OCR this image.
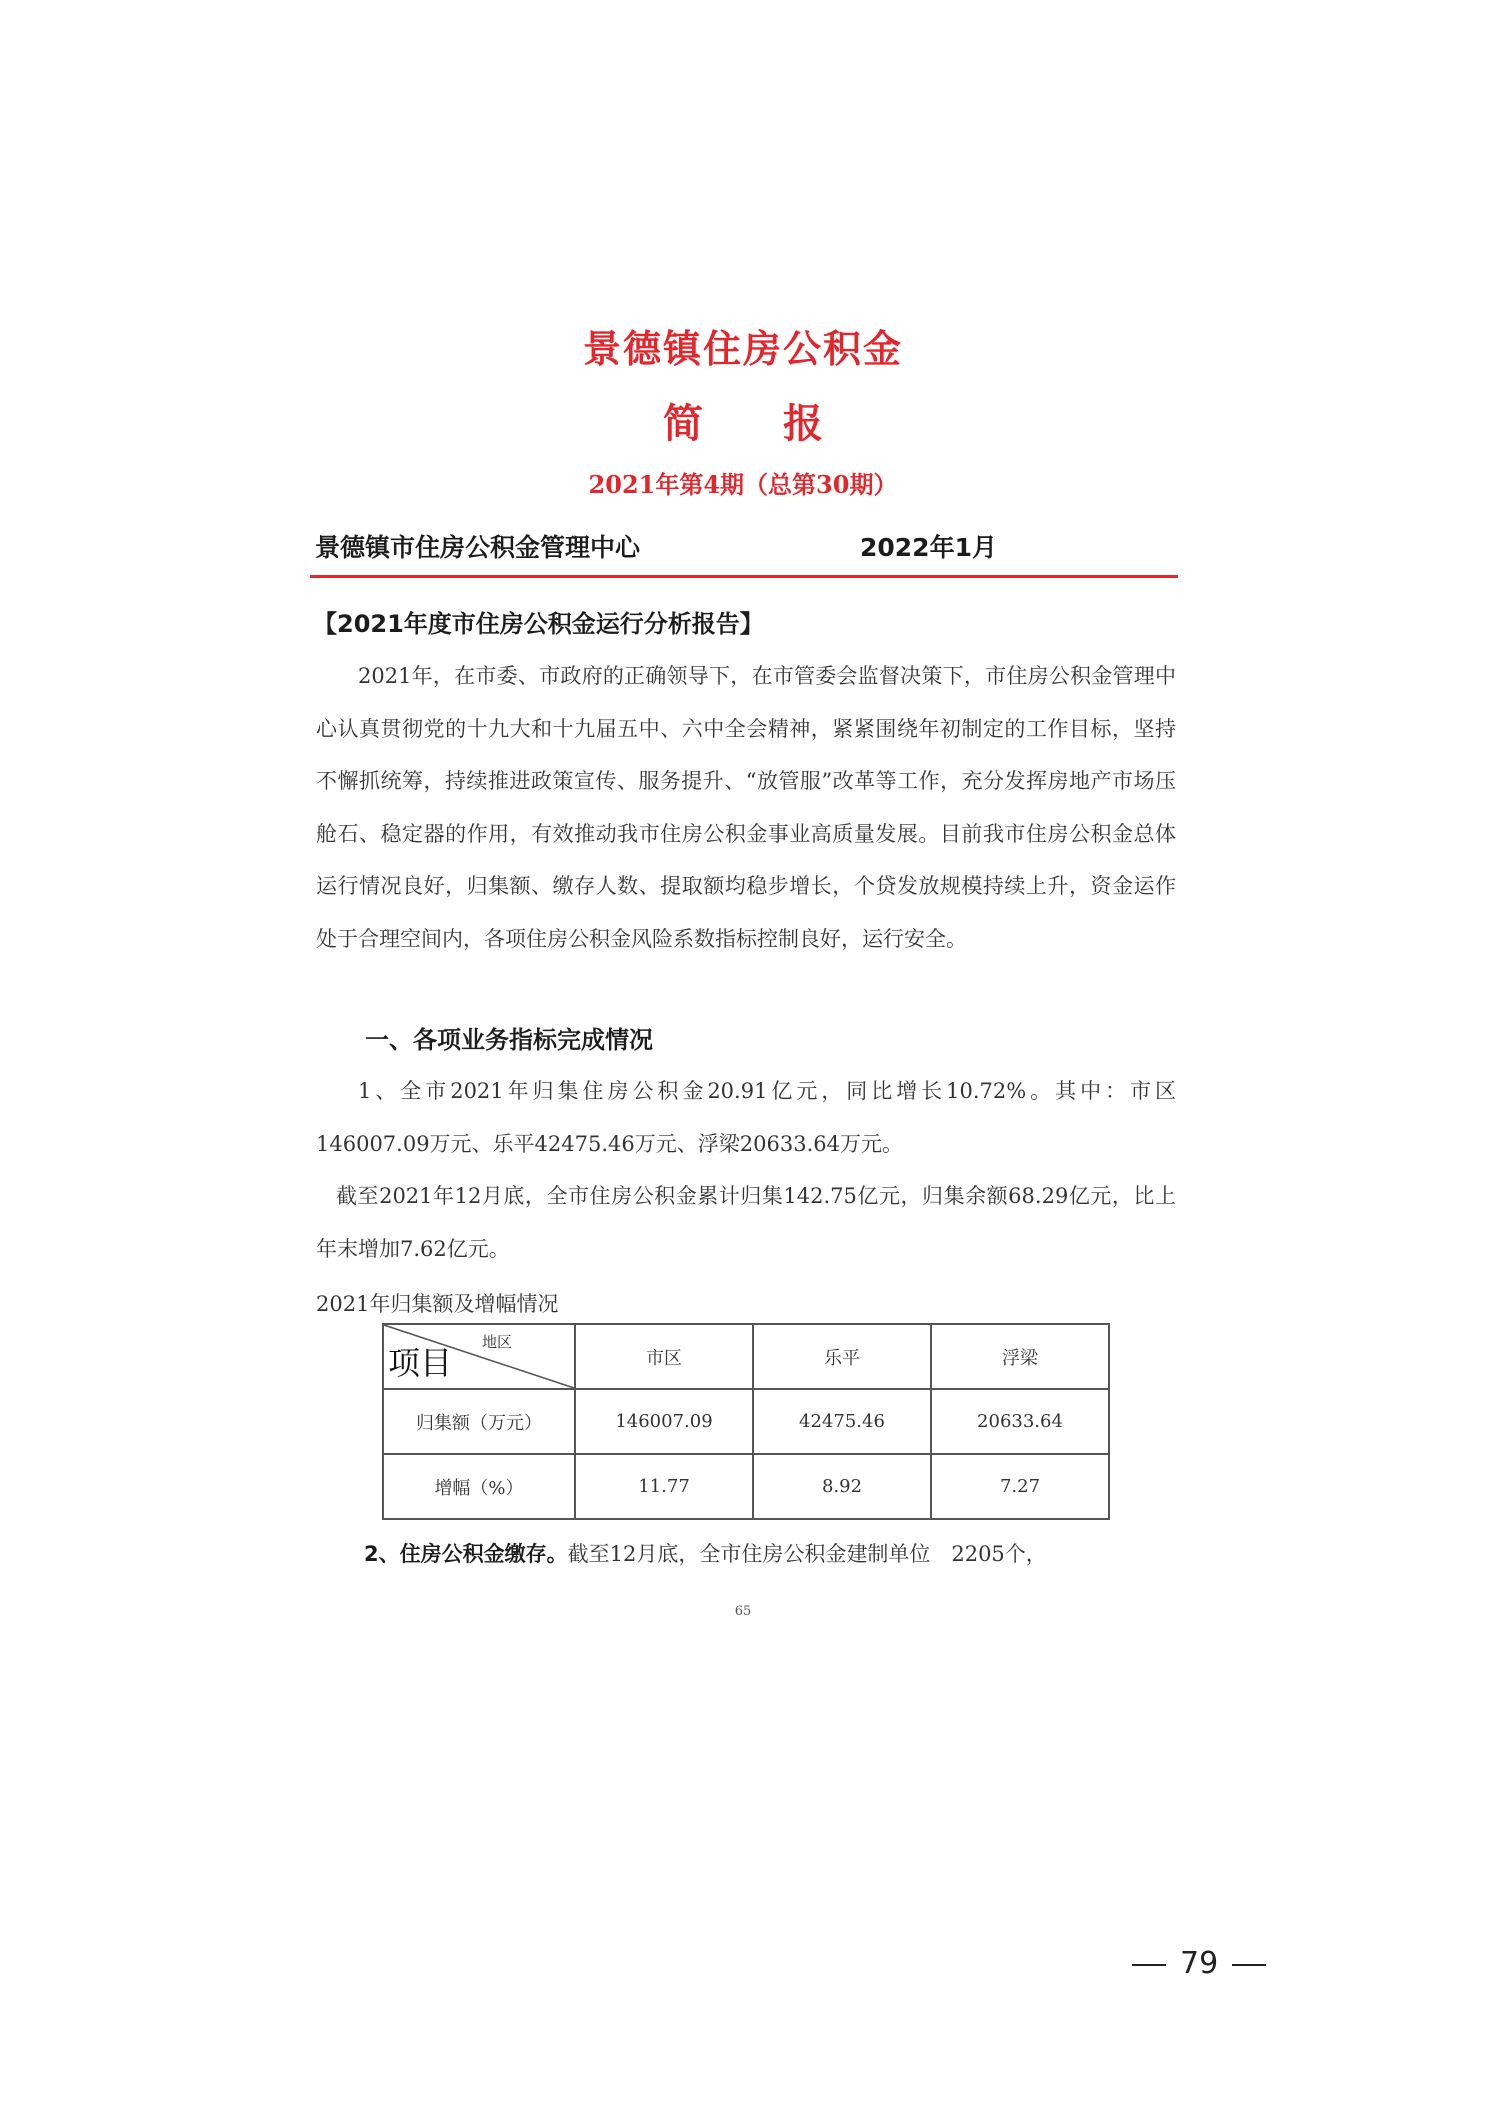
景德镇住房公积金
简 报
2021年第4期（总第30期）
景德镇市住房公积金管理中心	2022年1月
【2021年度市住房公积金运行分析报告】
2021年，在市委、市政府的正确领导下，在市管委会监督决策下，市住房公积金管理中心认真贯彻党的十九大和十九届五中、六中全会精神，紧紧围绕年初制定的工作目标，坚持不懈抓统筹，持续推进政策宣传、服务提升、“放管服”改革等工作，充分发挥房地产市场压舱石、稳定器的作用，有效推动我市住房公积金事业高质量发展。目前我市住房公积金总体运行情况良好，归集额、缴存人数、提取额均稳步增长，个贷发放规模持续上升，资金运作处于合理空间内，各项住房公积金风险系数指标控制良好，运行安全。
一、各项业务指标完成情况
1、全市2021年归集住房公积金20.91亿元，同比增长10.72%。其中：市区146007.09万元、乐平42475.46万元、浮梁20633.64万元。
截至2021年12月底，全市住房公积金累计归集142.75亿元，归集余额68.29亿元，比上年末增加7.62亿元。
2021年归集额及增幅情况
项目
地区	市区	乐平	浮梁
归集额（万元）	146007.09	42475.46	20633.64
增幅（%）	11.77	8.92	7.27
2、住房公积金缴存。截至12月底，全市住房公积金建制单位　2205个，
65
79
